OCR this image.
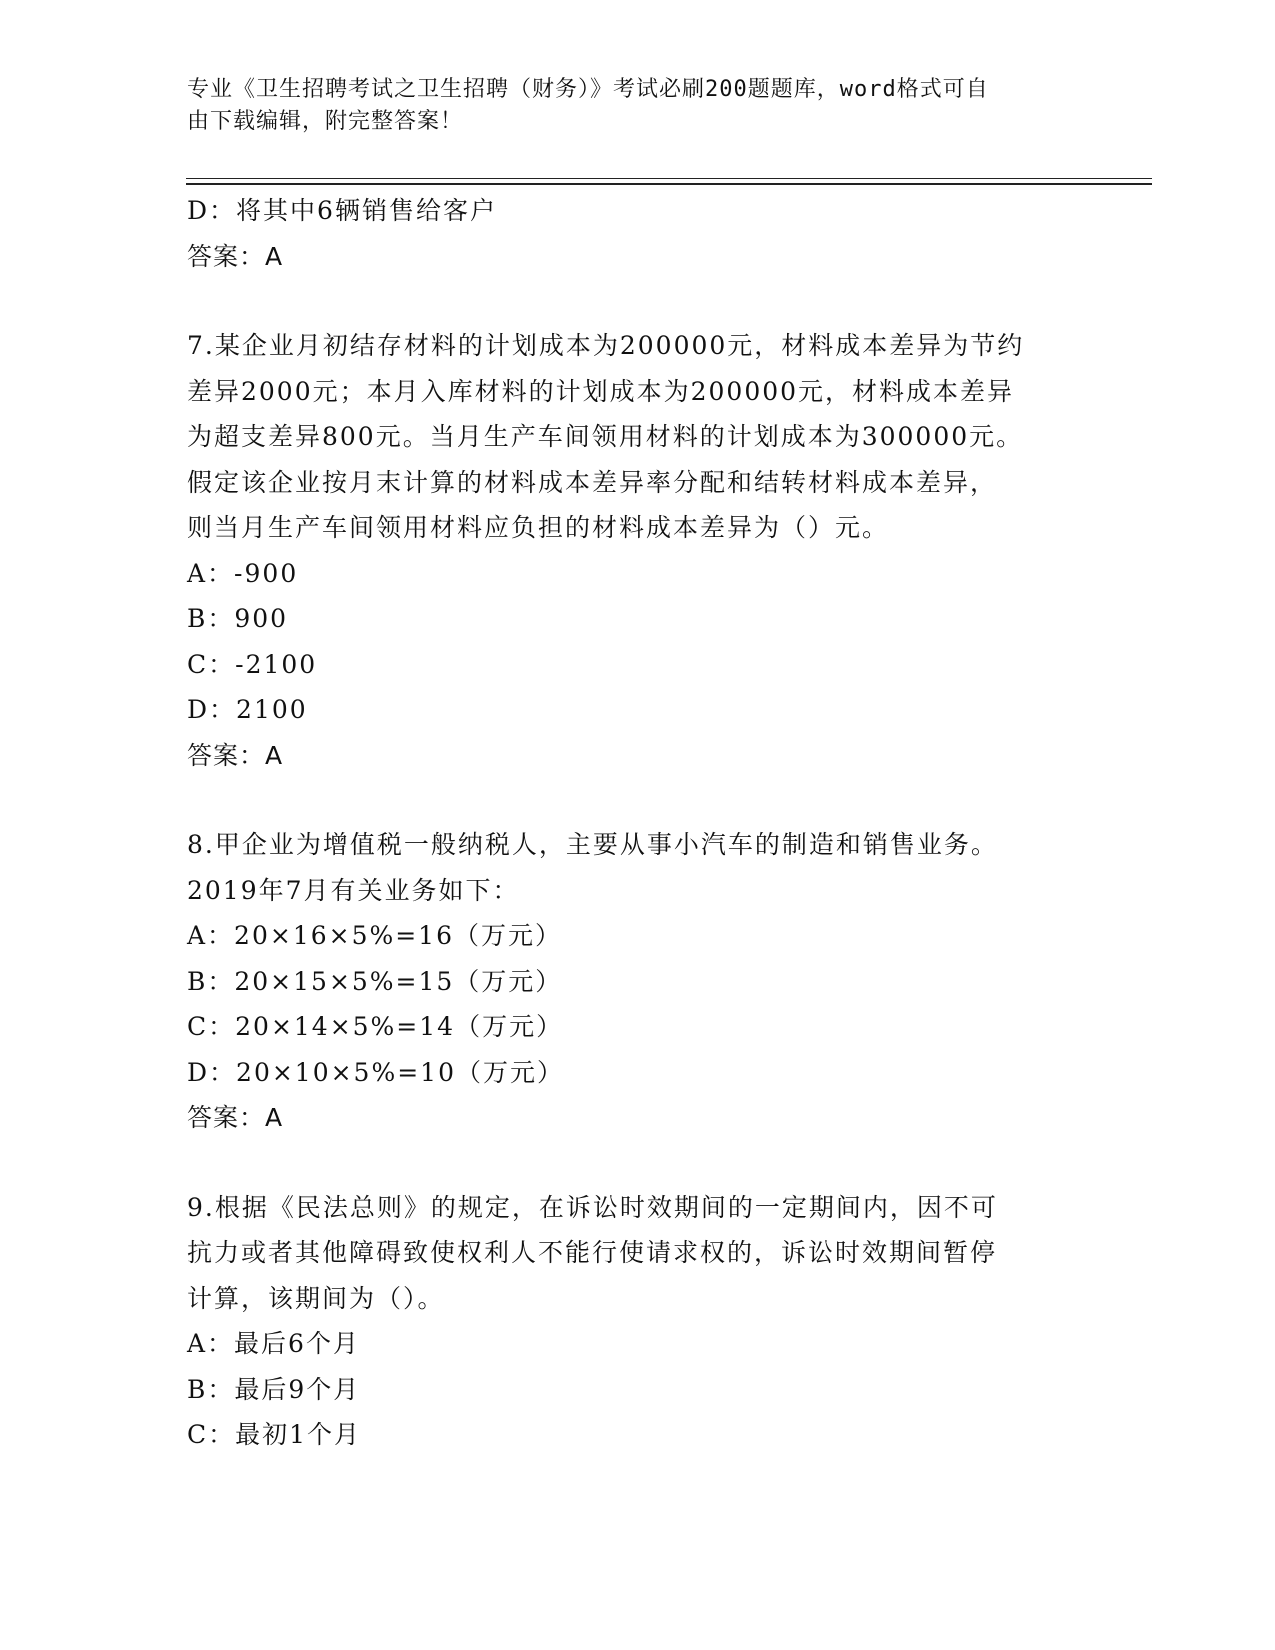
专业《卫生招聘考试之卫生招聘（财务）》考试必刷200题题库，word格式可自
由下载编辑，附完整答案！
D：将其中6辆销售给客户
答案：A
7.某企业月初结存材料的计划成本为200000元，材料成本差异为节约
差异2000元；本月入库材料的计划成本为200000元，材料成本差异
为超支差异800元。当月生产车间领用材料的计划成本为300000元。
假定该企业按月末计算的材料成本差异率分配和结转材料成本差异，
则当月生产车间领用材料应负担的材料成本差异为（）元。
A：-900
B：900
C：-2100
D：2100
答案：A
8.甲企业为增值税一般纳税人，主要从事小汽车的制造和销售业务。
2019年7月有关业务如下：
A：20×16×5%=16（万元）
B：20×15×5%=15（万元）
C：20×14×5%=14（万元）
D：20×10×5%=10（万元）
答案：A
9.根据《民法总则》的规定，在诉讼时效期间的一定期间内，因不可
抗力或者其他障碍致使权利人不能行使请求权的，诉讼时效期间暂停
计算，该期间为（）。
A：最后6个月
B：最后9个月
C：最初1个月
